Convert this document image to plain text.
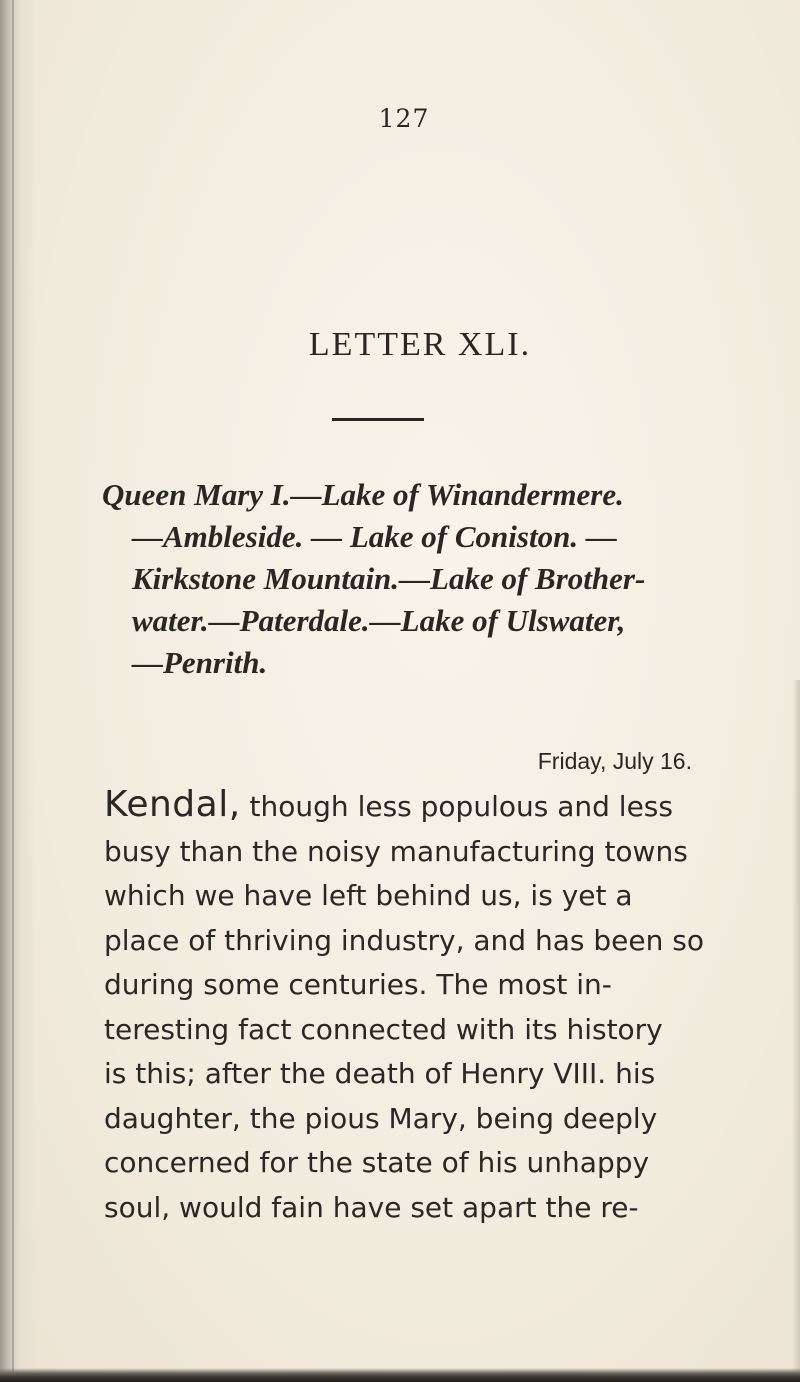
127
LETTER XLI.
Queen Mary I.—Lake of Winandermere.
—Ambleside. — Lake of Coniston. —
Kirkstone Mountain.—Lake of Brother-
water.—Paterdale.—Lake of Ulswater,
—Penrith.
Friday, July 16.
Kendal, though less populous and less
busy than the noisy manufacturing towns
which we have left behind us, is yet a
place of thriving industry, and has been so
during some centuries. The most in-
teresting fact connected with its history
is this; after the death of Henry VIII. his
daughter, the pious Mary, being deeply
concerned for the state of his unhappy
soul, would fain have set apart the re-
